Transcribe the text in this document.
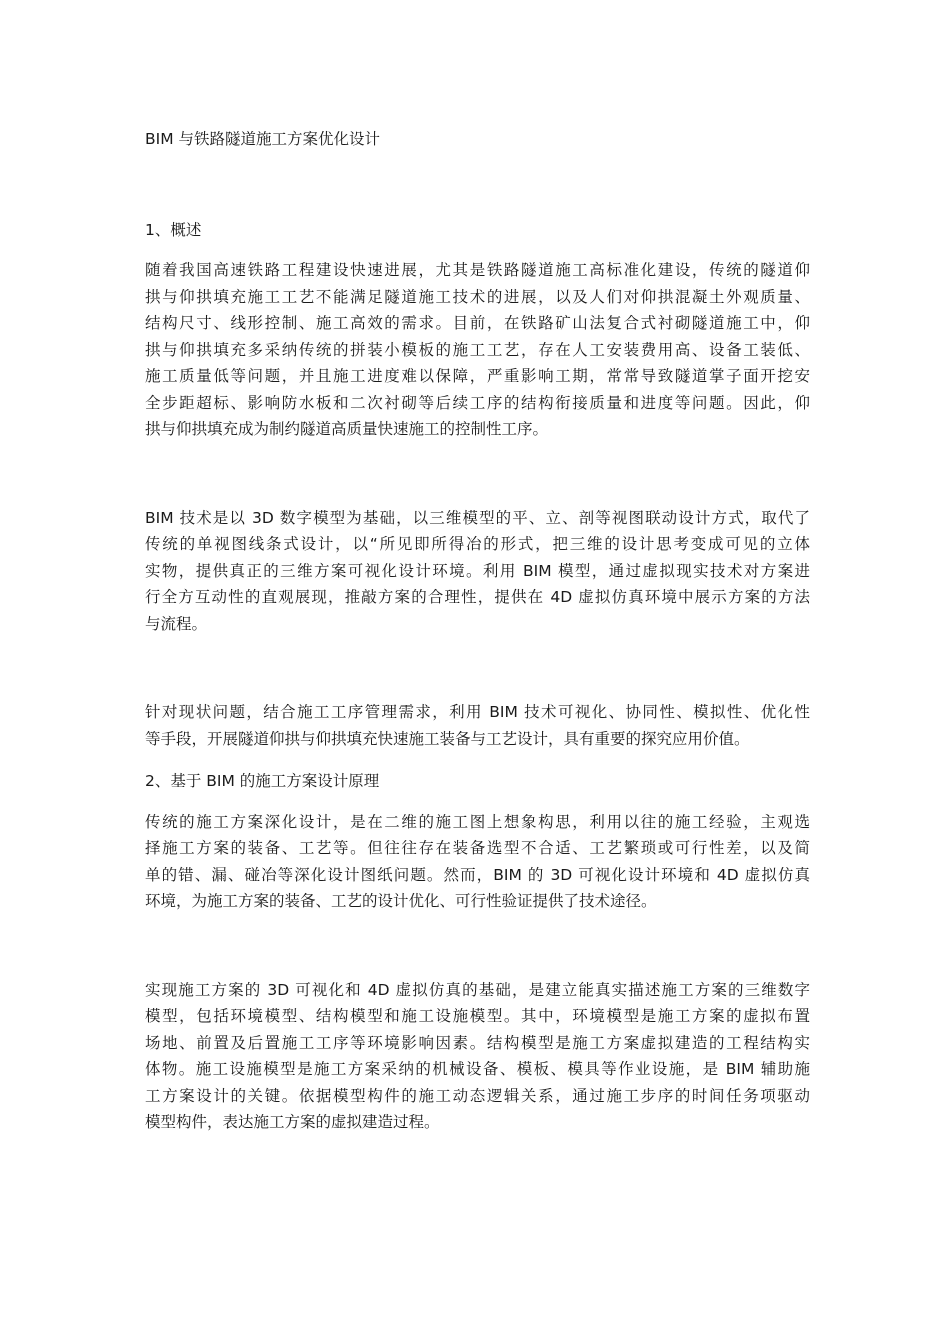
BIM 与铁路隧道施工方案优化设计
1、概述
随着我国高速铁路工程建设快速进展，尤其是铁路隧道施工高标准化建设，传统的隧道仰
拱与仰拱填充施工工艺不能满足隧道施工技术的进展，以及人们对仰拱混凝土外观质量、
结构尺寸、线形控制、施工高效的需求。目前，在铁路矿山法复合式衬砌隧道施工中，仰
拱与仰拱填充多采纳传统的拼装小模板的施工工艺，存在人工安装费用高、设备工装低、
施工质量低等问题，并且施工进度难以保障，严重影响工期，常常导致隧道掌子面开挖安
全步距超标、影响防水板和二次衬砌等后续工序的结构衔接质量和进度等问题。因此，仰
拱与仰拱填充成为制约隧道高质量快速施工的控制性工序。
BIM 技术是以 3D 数字模型为基础，以三维模型的平、立、剖等视图联动设计方式，取代了
传统的单视图线条式设计，以“所见即所得冶的形式，把三维的设计思考变成可见的立体
实物，提供真正的三维方案可视化设计环境。利用 BIM 模型，通过虚拟现实技术对方案进
行全方互动性的直观展现，推敲方案的合理性，提供在 4D 虚拟仿真环境中展示方案的方法
与流程。
针对现状问题，结合施工工序管理需求，利用 BIM 技术可视化、协同性、模拟性、优化性
等手段，开展隧道仰拱与仰拱填充快速施工装备与工艺设计，具有重要的探究应用价值。
2、基于 BIM 的施工方案设计原理
传统的施工方案深化设计，是在二维的施工图上想象构思，利用以往的施工经验，主观选
择施工方案的装备、工艺等。但往往存在装备选型不合适、工艺繁琐或可行性差，以及简
单的错、漏、碰冶等深化设计图纸问题。然而，BIM 的 3D 可视化设计环境和 4D 虚拟仿真
环境，为施工方案的装备、工艺的设计优化、可行性验证提供了技术途径。
实现施工方案的 3D 可视化和 4D 虚拟仿真的基础，是建立能真实描述施工方案的三维数字
模型，包括环境模型、结构模型和施工设施模型。其中，环境模型是施工方案的虚拟布置
场地、前置及后置施工工序等环境影响因素。结构模型是施工方案虚拟建造的工程结构实
体物。施工设施模型是施工方案采纳的机械设备、模板、模具等作业设施，是 BIM 辅助施
工方案设计的关键。依据模型构件的施工动态逻辑关系，通过施工步序的时间任务项驱动
模型构件，表达施工方案的虚拟建造过程。
